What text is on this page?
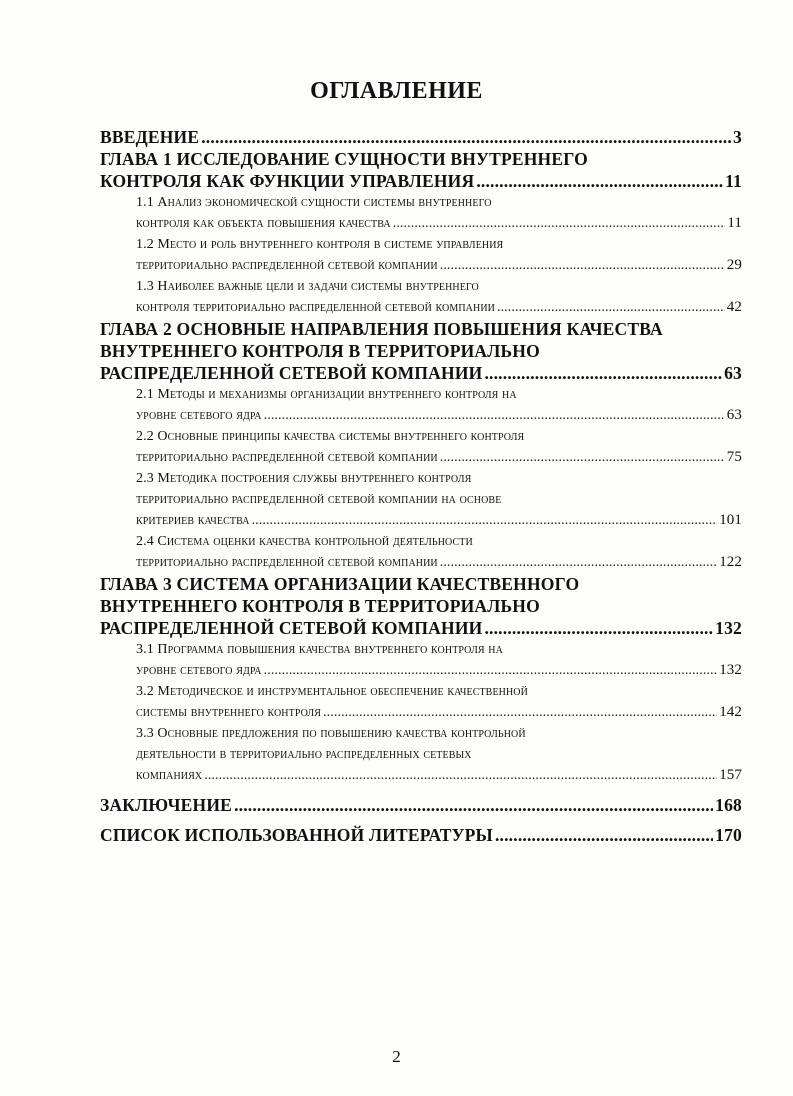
ОГЛАВЛЕНИЕ
ВВЕДЕНИЕ .....	3
ГЛАВА 1 ИССЛЕДОВАНИЕ СУЩНОСТИ ВНУТРЕННЕГО
КОНТРОЛЯ КАК ФУНКЦИИ УПРАВЛЕНИЯ .....	11
1.1 Анализ экономической сущности системы внутреннего
контроля как объекта повышения качества .....	11
1.2 Место и роль внутреннего контроля в системе управления
территориально распределенной сетевой компании .....	29
1.3 Наиболее важные цели и задачи системы внутреннего
контроля территориально распределенной сетевой компании .....	42
ГЛАВА 2 ОСНОВНЫЕ НАПРАВЛЕНИЯ ПОВЫШЕНИЯ КАЧЕСТВА
ВНУТРЕННЕГО КОНТРОЛЯ В ТЕРРИТОРИАЛЬНО
РАСПРЕДЕЛЕННОЙ СЕТЕВОЙ КОМПАНИИ .....	63
2.1 Методы и механизмы организации внутреннего контроля на
уровне сетевого ядра .....	63
2.2 Основные принципы качества системы внутреннего контроля
территориально распределенной сетевой компании .....	75
2.3 Методика построения службы внутреннего контроля
территориально распределенной сетевой компании на основе
критериев качества .....	101
2.4 Система оценки качества контрольной деятельности
территориально распределенной сетевой компании .....	122
ГЛАВА 3 СИСТЕМА ОРГАНИЗАЦИИ КАЧЕСТВЕННОГО
ВНУТРЕННЕГО КОНТРОЛЯ В ТЕРРИТОРИАЛЬНО
РАСПРЕДЕЛЕННОЙ СЕТЕВОЙ КОМПАНИИ .....	132
3.1 Программа повышения качества внутреннего контроля на
уровне сетевого ядра .....	132
3.2 Методическое и инструментальное обеспечение качественной
системы внутреннего контроля .....	142
3.3 Основные предложения по повышению качества контрольной
деятельности в территориально распределенных сетевых
компаниях .....	157
ЗАКЛЮЧЕНИЕ .....	168
СПИСОК ИСПОЛЬЗОВАННОЙ ЛИТЕРАТУРЫ .....	170
2
